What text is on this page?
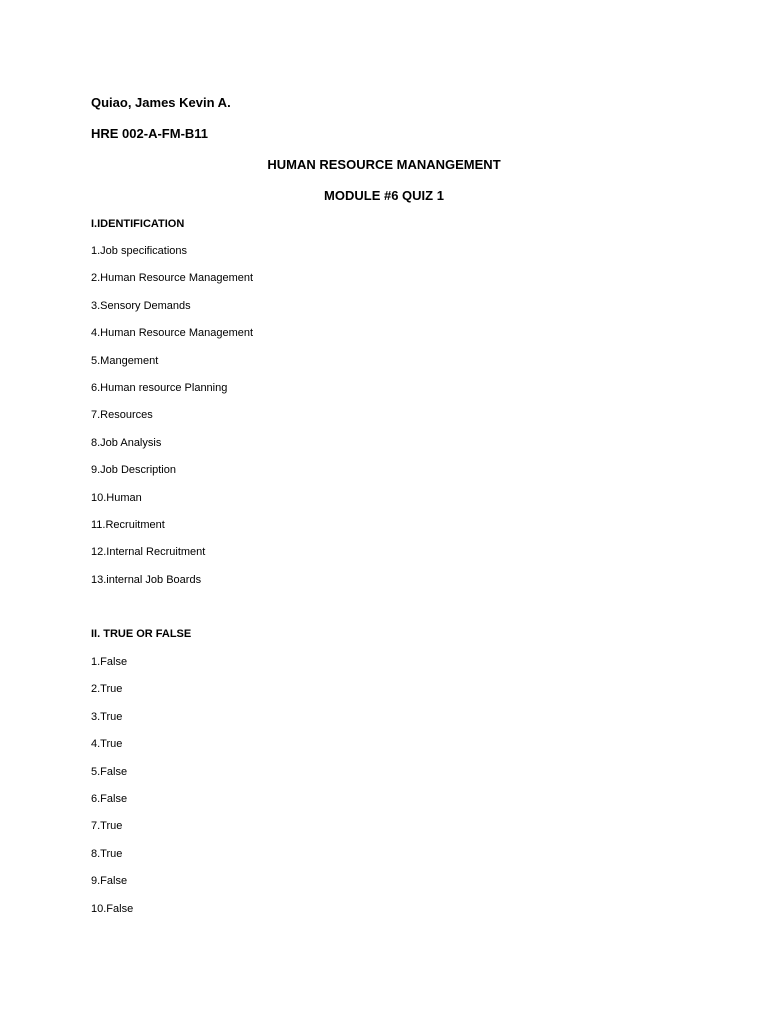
Quiao, James Kevin A.
HRE 002-A-FM-B11
HUMAN RESOURCE MANANGEMENT
MODULE #6 QUIZ 1
I.IDENTIFICATION
1.Job specifications
2.Human Resource Management
3.Sensory Demands
4.Human Resource Management
5.Mangement
6.Human resource Planning
7.Resources
8.Job Analysis
9.Job Description
10.Human
11.Recruitment
12.Internal Recruitment
13.internal Job Boards
II. TRUE OR FALSE
1.False
2.True
3.True
4.True
5.False
6.False
7.True
8.True
9.False
10.False
